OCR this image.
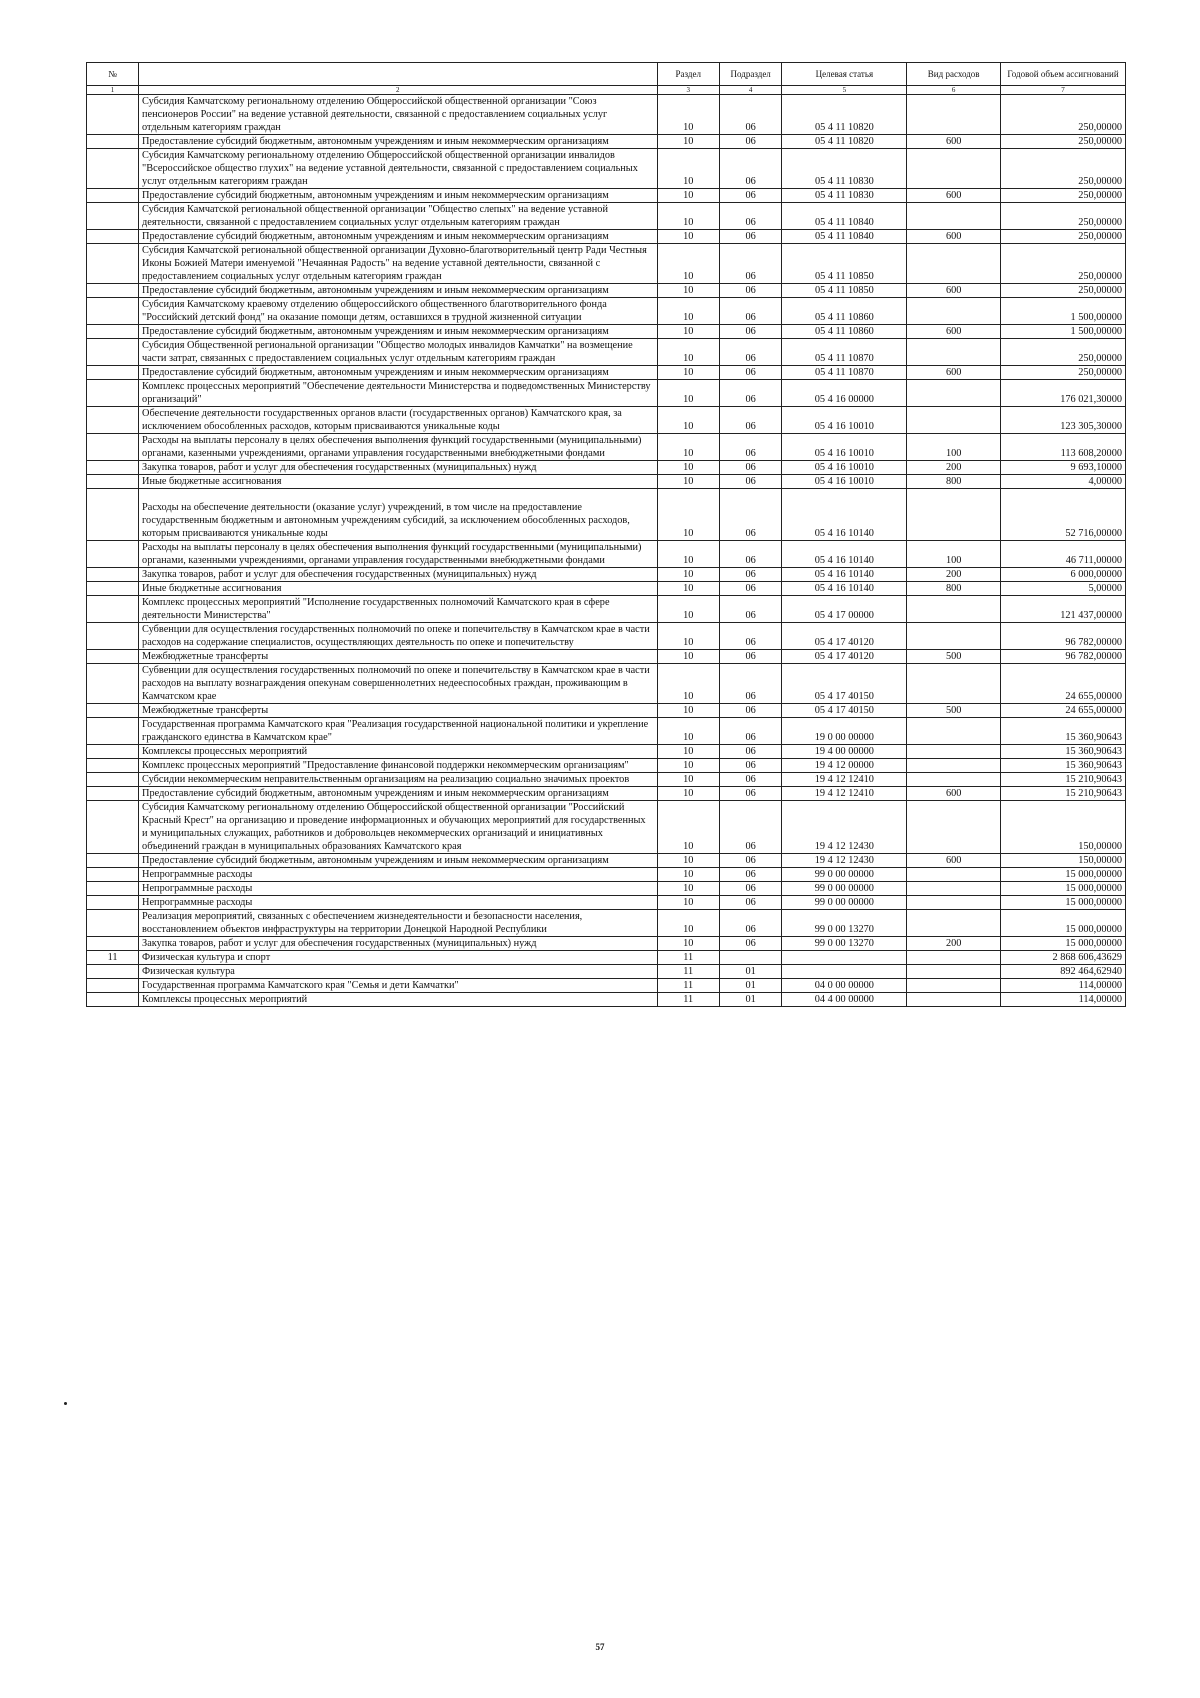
№		Раздел	Подраздел	Целевая статья	Вид расходов	Годовой объем ассигнований
1	2	3	4	5	6	7
	Субсидия Камчатскому региональному отделению Общероссийской общественной организации "Союз пенсионеров России" на ведение уставной деятельности, связанной с предоставлением социальных услуг отдельным категориям граждан	10	06	05 4 11 10820		250,00000
	Предоставление субсидий бюджетным, автономным учреждениям и иным некоммерческим организациям	10	06	05 4 11 10820	600	250,00000
	Субсидия Камчатскому региональному отделению Общероссийской общественной организации инвалидов "Всероссийское общество глухих" на ведение уставной деятельности, связанной с предоставлением социальных услуг отдельным категориям граждан	10	06	05 4 11 10830		250,00000
	Предоставление субсидий бюджетным, автономным учреждениям и иным некоммерческим организациям	10	06	05 4 11 10830	600	250,00000
	Субсидия Камчатской региональной общественной организации "Общество слепых" на ведение уставной деятельности, связанной с предоставлением социальных услуг отдельным категориям граждан	10	06	05 4 11 10840		250,00000
	Предоставление субсидий бюджетным, автономным учреждениям и иным некоммерческим организациям	10	06	05 4 11 10840	600	250,00000
	Субсидия Камчатской региональной общественной организации Духовно-благотворительный центр Ради Честныя Иконы Божией Матери именуемой "Нечаянная Радость" на ведение уставной деятельности, связанной с предоставлением социальных услуг отдельным категориям граждан	10	06	05 4 11 10850		250,00000
	Предоставление субсидий бюджетным, автономным учреждениям и иным некоммерческим организациям	10	06	05 4 11 10850	600	250,00000
	Субсидия Камчатскому краевому отделению общероссийского общественного благотворительного фонда "Российский детский фонд" на оказание помощи детям, оставшихся в трудной жизненной ситуации	10	06	05 4 11 10860		1 500,00000
	Предоставление субсидий бюджетным, автономным учреждениям и иным некоммерческим организациям	10	06	05 4 11 10860	600	1 500,00000
	Субсидия Общественной региональной организации "Общество молодых инвалидов Камчатки" на возмещение части затрат, связанных с предоставлением социальных услуг отдельным категориям граждан	10	06	05 4 11 10870		250,00000
	Предоставление субсидий бюджетным, автономным учреждениям и иным некоммерческим организациям	10	06	05 4 11 10870	600	250,00000
	Комплекс процессных мероприятий "Обеспечение деятельности Министерства и подведомственных Министерству организаций"	10	06	05 4 16 00000		176 021,30000
	Обеспечение деятельности государственных органов власти (государственных органов) Камчатского края, за исключением обособленных расходов, которым присваиваются уникальные коды	10	06	05 4 16 10010		123 305,30000
	Расходы на выплаты персоналу в целях обеспечения выполнения функций государственными (муниципальными) органами, казенными учреждениями, органами управления государственными внебюджетными фондами	10	06	05 4 16 10010	100	113 608,20000
	Закупка товаров, работ и услуг для обеспечения государственных (муниципальных) нужд	10	06	05 4 16 10010	200	9 693,10000
	Иные бюджетные ассигнования	10	06	05 4 16 10010	800	4,00000
	Расходы на обеспечение деятельности (оказание услуг) учреждений, в том числе на предоставление государственным бюджетным и автономным учреждениям субсидий, за исключением обособленных расходов, которым присваиваются уникальные коды	10	06	05 4 16 10140		52 716,00000
	Расходы на выплаты персоналу в целях обеспечения выполнения функций государственными (муниципальными) органами, казенными учреждениями, органами управления государственными внебюджетными фондами	10	06	05 4 16 10140	100	46 711,00000
	Закупка товаров, работ и услуг для обеспечения государственных (муниципальных) нужд	10	06	05 4 16 10140	200	6 000,00000
	Иные бюджетные ассигнования	10	06	05 4 16 10140	800	5,00000
	Комплекс процессных мероприятий "Исполнение государственных полномочий Камчатского края в сфере деятельности Министерства"	10	06	05 4 17 00000		121 437,00000
	Субвенции для осуществления государственных полномочий по опеке и попечительству в Камчатском крае в части расходов на содержание специалистов, осуществляющих деятельность по опеке и попечительству	10	06	05 4 17 40120		96 782,00000
	Межбюджетные трансферты	10	06	05 4 17 40120	500	96 782,00000
	Субвенции для осуществления государственных полномочий по опеке и попечительству в Камчатском крае в части расходов на выплату вознаграждения опекунам совершеннолетних недееспособных граждан, проживающим в Камчатском крае	10	06	05 4 17 40150		24 655,00000
	Межбюджетные трансферты	10	06	05 4 17 40150	500	24 655,00000
	Государственная программа Камчатского края "Реализация государственной национальной политики и укрепление гражданского единства в Камчатском крае"	10	06	19 0 00 00000		15 360,90643
	Комплексы процессных мероприятий	10	06	19 4 00 00000		15 360,90643
	Комплекс процессных мероприятий "Предоставление финансовой поддержки некоммерческим организациям"	10	06	19 4 12 00000		15 360,90643
	Субсидии некоммерческим неправительственным организациям на реализацию социально значимых проектов	10	06	19 4 12 12410		15 210,90643
	Предоставление субсидий бюджетным, автономным учреждениям и иным некоммерческим организациям	10	06	19 4 12 12410	600	15 210,90643
	Субсидия Камчатскому региональному отделению Общероссийской общественной организации "Российский Красный Крест" на организацию и проведение информационных и обучающих мероприятий для государственных и муниципальных служащих, работников и добровольцев некоммерческих организаций и инициативных объединений граждан в муниципальных образованиях Камчатского края	10	06	19 4 12 12430		150,00000
	Предоставление субсидий бюджетным, автономным учреждениям и иным некоммерческим организациям	10	06	19 4 12 12430	600	150,00000
	Непрограммные расходы	10	06	99 0 00 00000		15 000,00000
	Непрограммные расходы	10	06	99 0 00 00000		15 000,00000
	Непрограммные расходы	10	06	99 0 00 00000		15 000,00000
	Реализация мероприятий, связанных с обеспечением жизнедеятельности и безопасности населения, восстановлением объектов инфраструктуры на территории Донецкой Народной Республики	10	06	99 0 00 13270		15 000,00000
	Закупка товаров, работ и услуг для обеспечения государственных (муниципальных) нужд	10	06	99 0 00 13270	200	15 000,00000
11	Физическая культура и спорт	11				2 868 606,43629
	Физическая культура	11	01			892 464,62940
	Государственная программа Камчатского края "Семья и дети Камчатки"	11	01	04 0 00 00000		114,00000
	Комплексы процессных мероприятий	11	01	04 4 00 00000		114,00000
57
